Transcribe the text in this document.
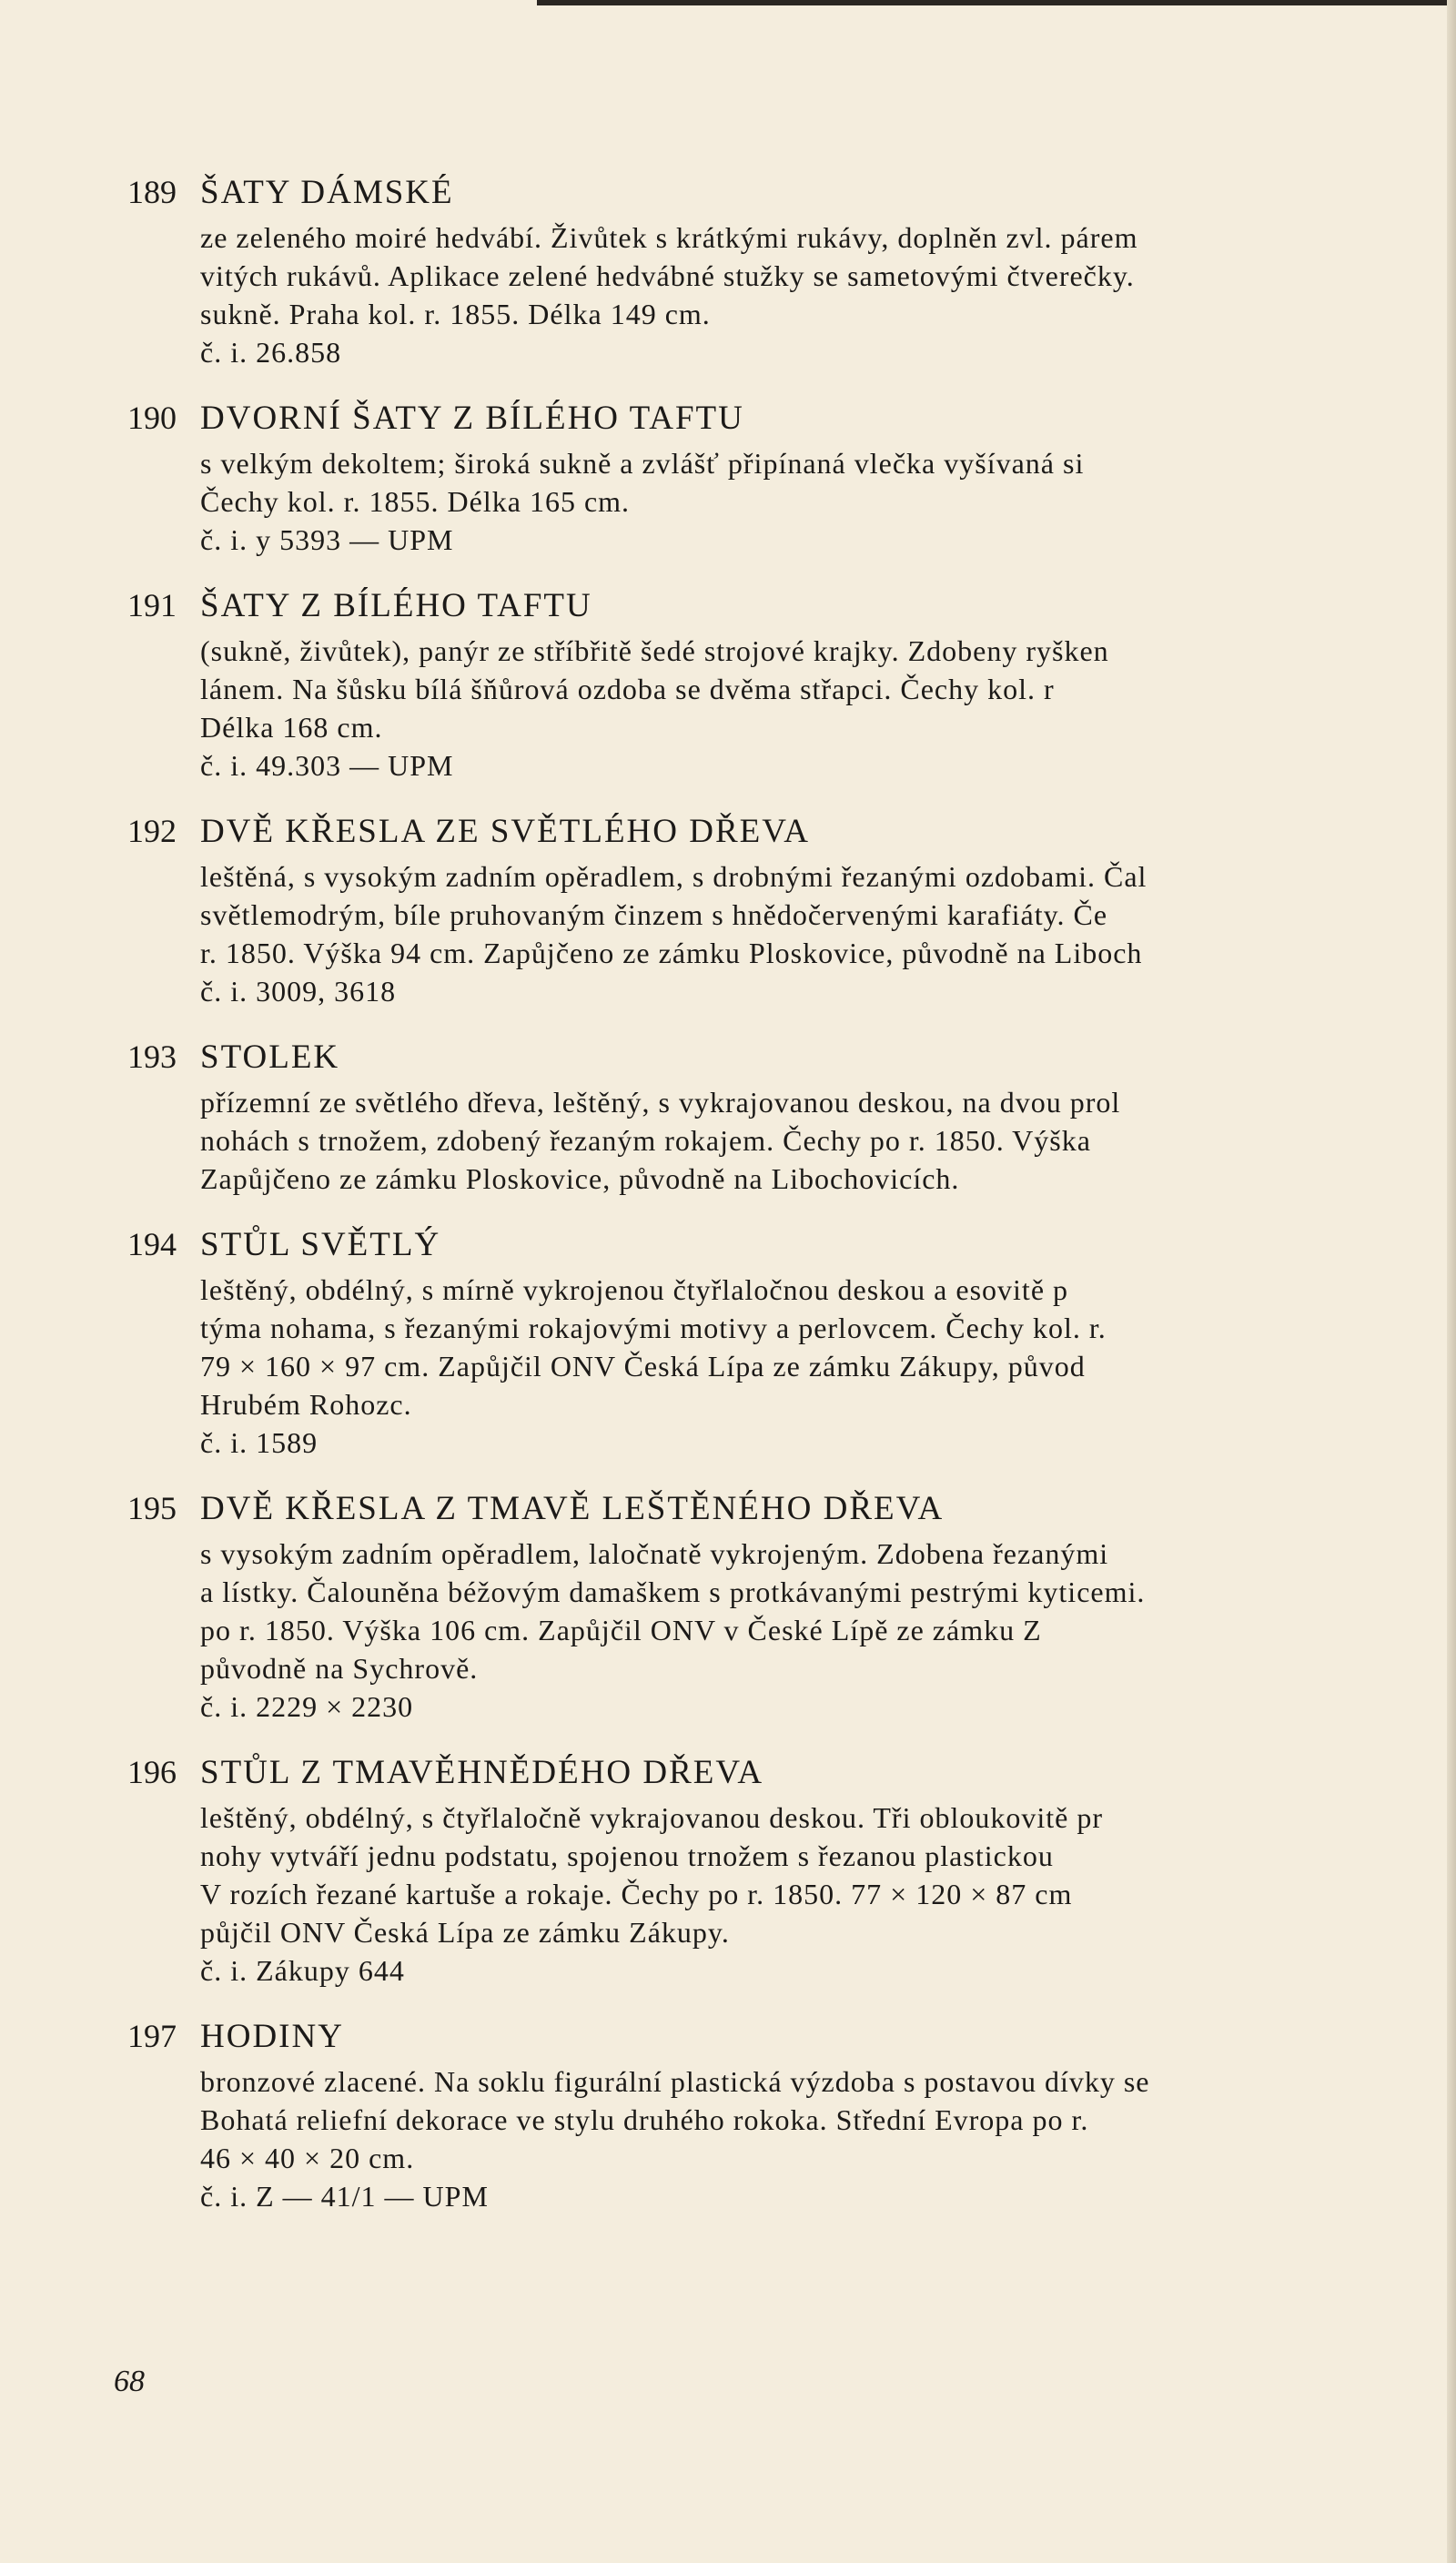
189 ŠATY DÁMSKÉ
ze zeleného moiré hedvábí. Živůtek s krátkými rukávy, doplněn zvl. párem
vitých rukávů. Aplikace zelené hedvábné stužky se sametovými čtverečky.
sukně. Praha kol. r. 1855. Délka 149 cm.
č. i. 26.858
190 DVORNÍ ŠATY Z BÍLÉHO TAFTU
s velkým dekoltem; široká sukně a zvlášť připínaná vlečka vyšívaná si
Čechy kol. r. 1855. Délka 165 cm.
č. i. y 5393 — UPM
191 ŠATY Z BÍLÉHO TAFTU
(sukně, živůtek), panýr ze stříbřitě šedé strojové krajky. Zdobeny ryšken
lánem. Na šůsku bílá šňůrová ozdoba se dvěma střapci. Čechy kol. r
Délka 168 cm.
č. i. 49.303 — UPM
192 DVĚ KŘESLA ZE SVĚTLÉHO DŘEVA
leštěná, s vysokým zadním opěradlem, s drobnými řezanými ozdobami. Čal
světlemodrým, bíle pruhovaným činzem s hnědočervenými karafiáty. Če
r. 1850. Výška 94 cm. Zapůjčeno ze zámku Ploskovice, původně na Liboch
č. i. 3009, 3618
193 STOLEK
přízemní ze světlého dřeva, leštěný, s vykrajovanou deskou, na dvou prol
nohách s trnožem, zdobený řezaným rokajem. Čechy po r. 1850. Výška
Zapůjčeno ze zámku Ploskovice, původně na Libochovicích.
194 STŮL SVĚTLÝ
leštěný, obdélný, s mírně vykrojenou čtyřlaločnou deskou a esovitě p
týma nohama, s řezanými rokajovými motivy a perlovcem. Čechy kol. r.
79 × 160 × 97 cm. Zapůjčil ONV Česká Lípa ze zámku Zákupy, původ
Hrubém Rohozc.
č. i. 1589
195 DVĚ KŘESLA Z TMAVĚ LEŠTĚNÉHO DŘEVA
s vysokým zadním opěradlem, laločnatě vykrojeným. Zdobena řezanými
a lístky. Čalouněna béžovým damaškem s protkávanými pestrými kyticemi.
po r. 1850. Výška 106 cm. Zapůjčil ONV v České Lípě ze zámku Z
původně na Sychrově.
č. i. 2229 × 2230
196 STŮL Z TMAVĚHNĚDÉHO DŘEVA
leštěný, obdélný, s čtyřlaločně vykrajovanou deskou. Tři obloukovitě pr
nohy vytváří jednu podstatu, spojenou trnožem s řezanou plastickou
V rozích řezané kartuše a rokaje. Čechy po r. 1850. 77 × 120 × 87 cm
půjčil ONV Česká Lípa ze zámku Zákupy.
č. i. Zákupy 644
197 HODINY
bronzové zlacené. Na soklu figurální plastická výzdoba s postavou dívky se
Bohatá reliefní dekorace ve stylu druhého rokoka. Střední Evropa po r.
46 × 40 × 20 cm.
č. i. Z — 41/1 — UPM
68
